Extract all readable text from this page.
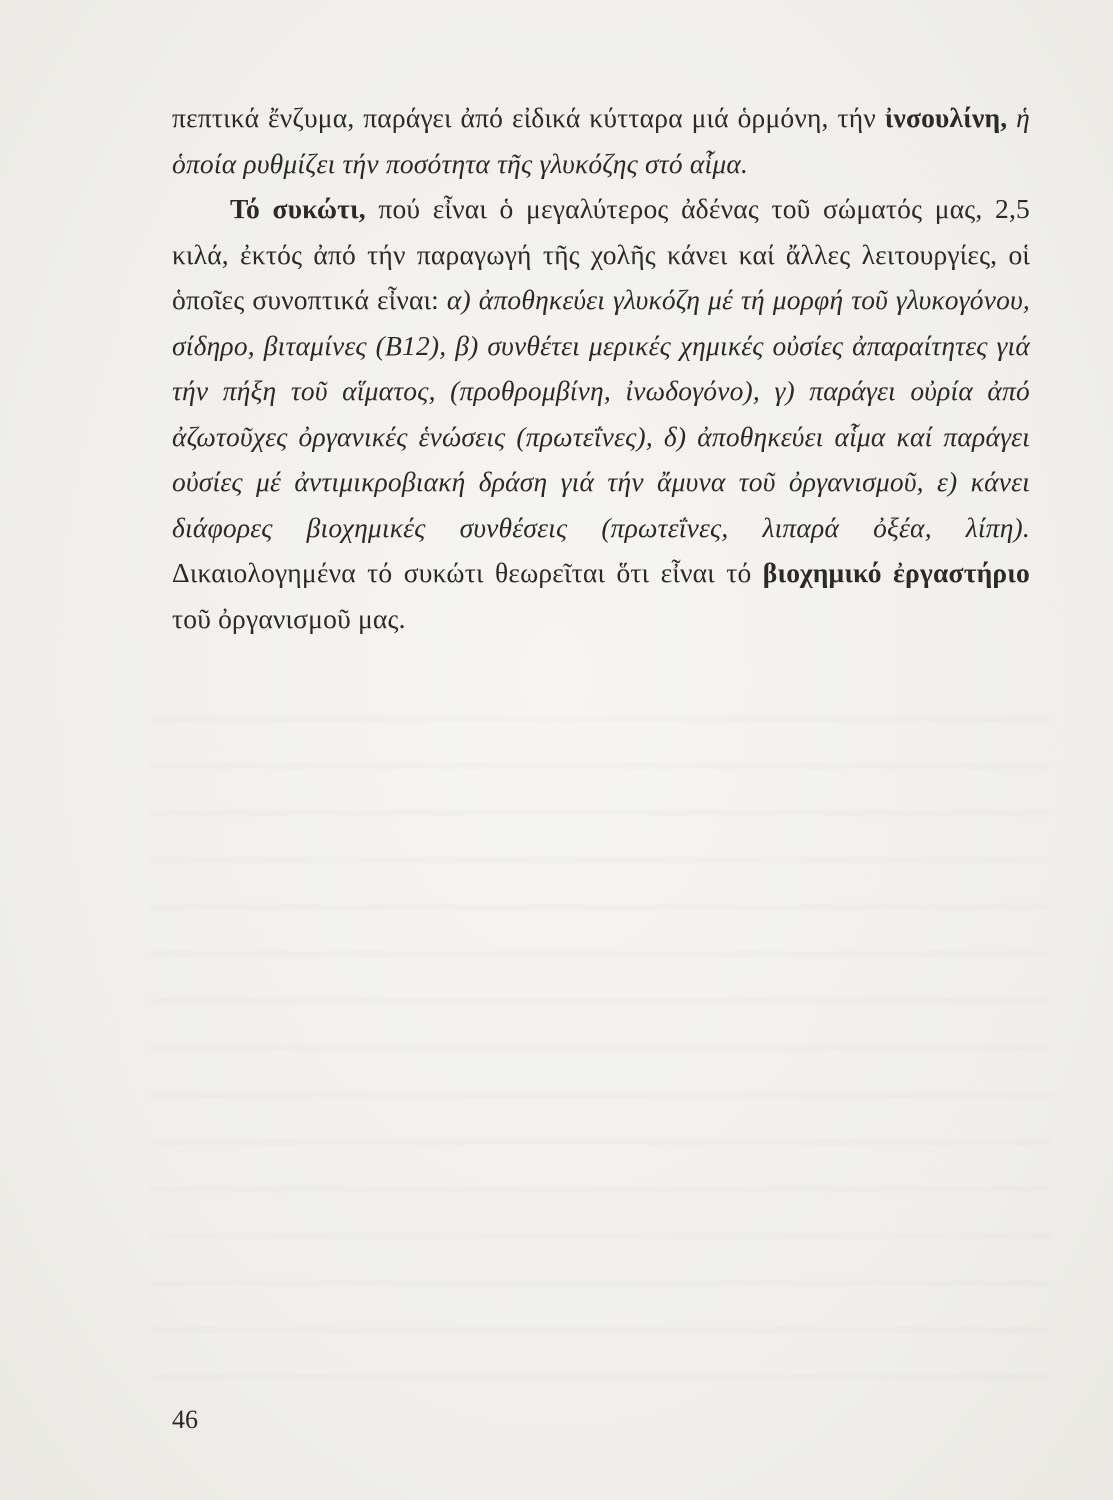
πεπτικά ἔνζυμα, παράγει ἀπό εἰδικά κύτταρα μιά ὁρμόνη, τήν ἰνσουλίνη, ἡ ὁποία ρυθμίζει τήν ποσότητα τῆς γλυκόζης στό αἷμα.

Τό συκώτι, πού εἶναι ὁ μεγαλύτερος ἀδένας τοῦ σώματός μας, 2,5 κιλά, ἐκτός ἀπό τήν παραγωγή τῆς χολῆς κάνει καί ἄλλες λειτουργίες, οἱ ὁποῖες συνοπτικά εἶναι: α) ἀποθηκεύει γλυκόζη μέ τή μορφή τοῦ γλυκογόνου, σίδηρο, βιταμίνες (Β12), β) συνθέτει μερικές χημικές οὐσίες ἀπαραίτητες γιά τήν πήξη τοῦ αἵματος, (προθρομβίνη, ἰνωδογόνο), γ) παράγει οὐρία ἀπό ἀζωτοῦχες ὀργανικές ἑνώσεις (πρωτεΐνες), δ) ἀποθηκεύει αἷμα καί παράγει οὐσίες μέ ἀντιμικροβιακή δράση γιά τήν ἄμυνα τοῦ ὀργανισμοῦ, ε) κάνει διάφορες βιοχημικές συνθέσεις (πρωτεΐνες, λιπαρά ὀξέα, λίπη). Δικαιολογημένα τό συκώτι θεωρεῖται ὅτι εἶναι τό βιοχημικό ἐργαστήριο τοῦ ὀργανισμοῦ μας.

46
